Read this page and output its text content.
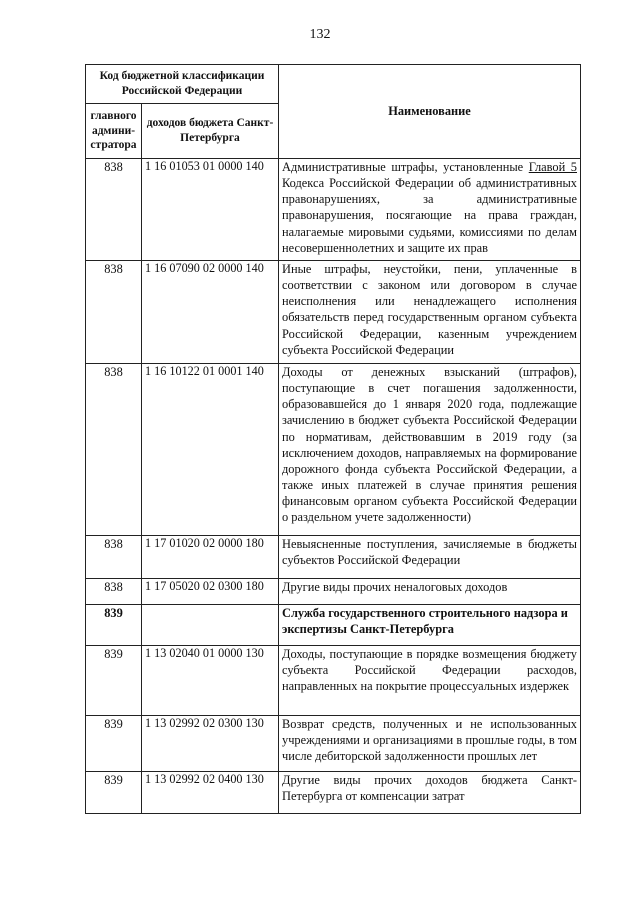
132
Код бюджетной классификации Российской Федерации		Наименование
главного админи-стратора	доходов бюджета Санкт-Петербурга	
838	1 16 01053 01 0000 140	Административные штрафы, установленные Главой 5 Кодекса Российской Федерации об административных правонарушениях, за административные правонарушения, посягающие на права граждан, налагаемые мировыми судьями, комиссиями по делам несовершеннолетних и защите их прав
838	1 16 07090 02 0000 140	Иные штрафы, неустойки, пени, уплаченные в соответствии с законом или договором в случае неисполнения или ненадлежащего исполнения обязательств перед государственным органом субъекта Российской Федерации, казенным учреждением субъекта Российской Федерации
838	1 16 10122 01 0001 140	Доходы от денежных взысканий (штрафов), поступающие в счет погашения задолженности, образовавшейся до 1 января 2020 года, подлежащие зачислению в бюджет субъекта Российской Федерации по нормативам, действовавшим в 2019 году (за исключением доходов, направляемых на формирование дорожного фонда субъекта Российской Федерации, а также иных платежей в случае принятия решения финансовым органом субъекта Российской Федерации о раздельном учете задолженности)
838	1 17 01020 02 0000 180	Невыясненные поступления, зачисляемые в бюджеты субъектов Российской Федерации
838	1 17 05020 02 0300 180	Другие виды прочих неналоговых доходов
839		Служба государственного строительного надзора и экспертизы Санкт-Петербурга
839	1 13 02040 01 0000 130	Доходы, поступающие в порядке возмещения бюджету субъекта Российской Федерации расходов, направленных на покрытие процессуальных издержек
839	1 13 02992 02 0300 130	Возврат средств, полученных и не использованных учреждениями и организациями в прошлые годы, в том числе дебиторской задолженности прошлых лет
839	1 13 02992 02 0400 130	Другие виды прочих доходов бюджета Санкт-Петербурга от компенсации затрат
